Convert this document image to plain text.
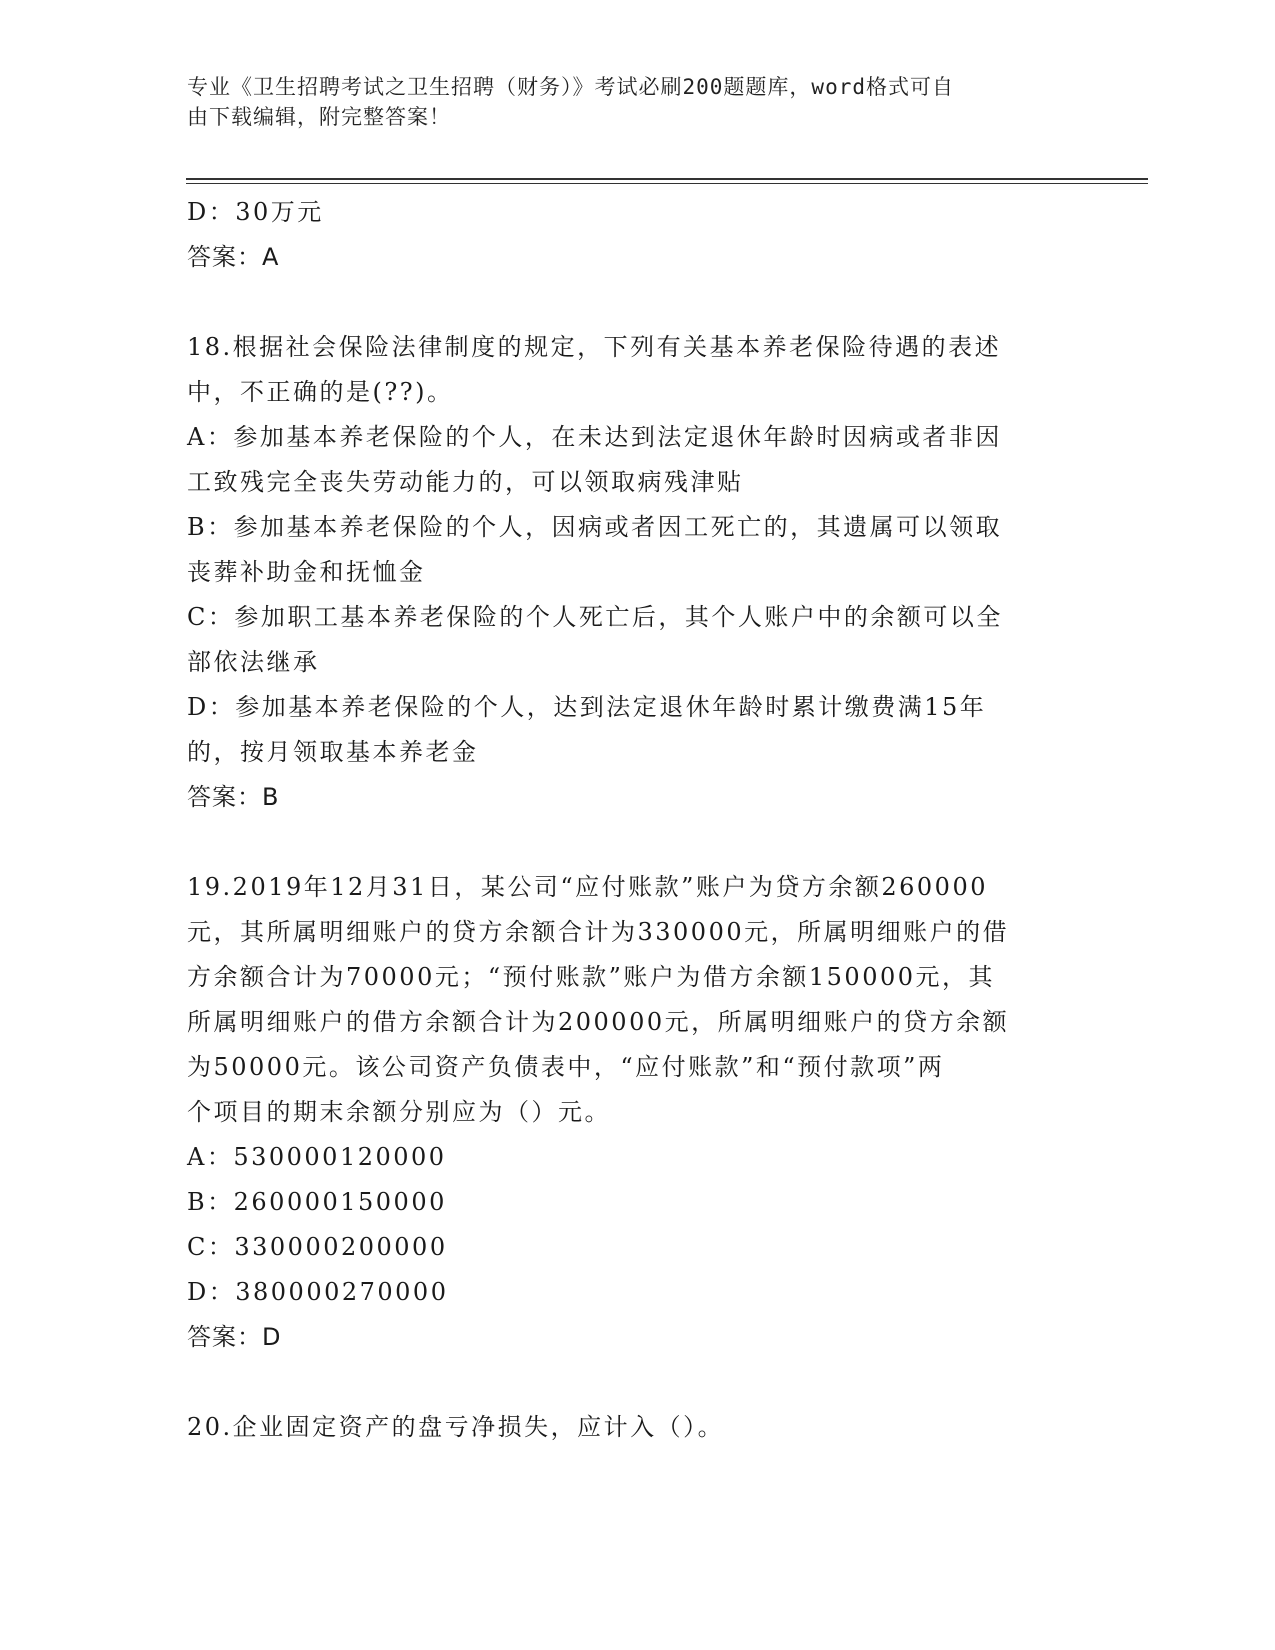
专业《卫生招聘考试之卫生招聘（财务）》考试必刷200题题库，word格式可自
由下载编辑，附完整答案！
D：30万元
答案：A
18.根据社会保险法律制度的规定，下列有关基本养老保险待遇的表述
中，不正确的是(??)。
A：参加基本养老保险的个人，在未达到法定退休年龄时因病或者非因
工致残完全丧失劳动能力的，可以领取病残津贴
B：参加基本养老保险的个人，因病或者因工死亡的，其遗属可以领取
丧葬补助金和抚恤金
C：参加职工基本养老保险的个人死亡后，其个人账户中的余额可以全
部依法继承
D：参加基本养老保险的个人，达到法定退休年龄时累计缴费满15年
的，按月领取基本养老金
答案：B
19.2019年12月31日，某公司“应付账款”账户为贷方余额260000
元，其所属明细账户的贷方余额合计为330000元，所属明细账户的借
方余额合计为70000元；“预付账款”账户为借方余额150000元，其
所属明细账户的借方余额合计为200000元，所属明细账户的贷方余额
为50000元。该公司资产负债表中，“应付账款”和“预付款项”两
个项目的期末余额分别应为（）元。
A：530000120000
B：260000150000
C：330000200000
D：380000270000
答案：D
20.企业固定资产的盘亏净损失，应计入（）。
